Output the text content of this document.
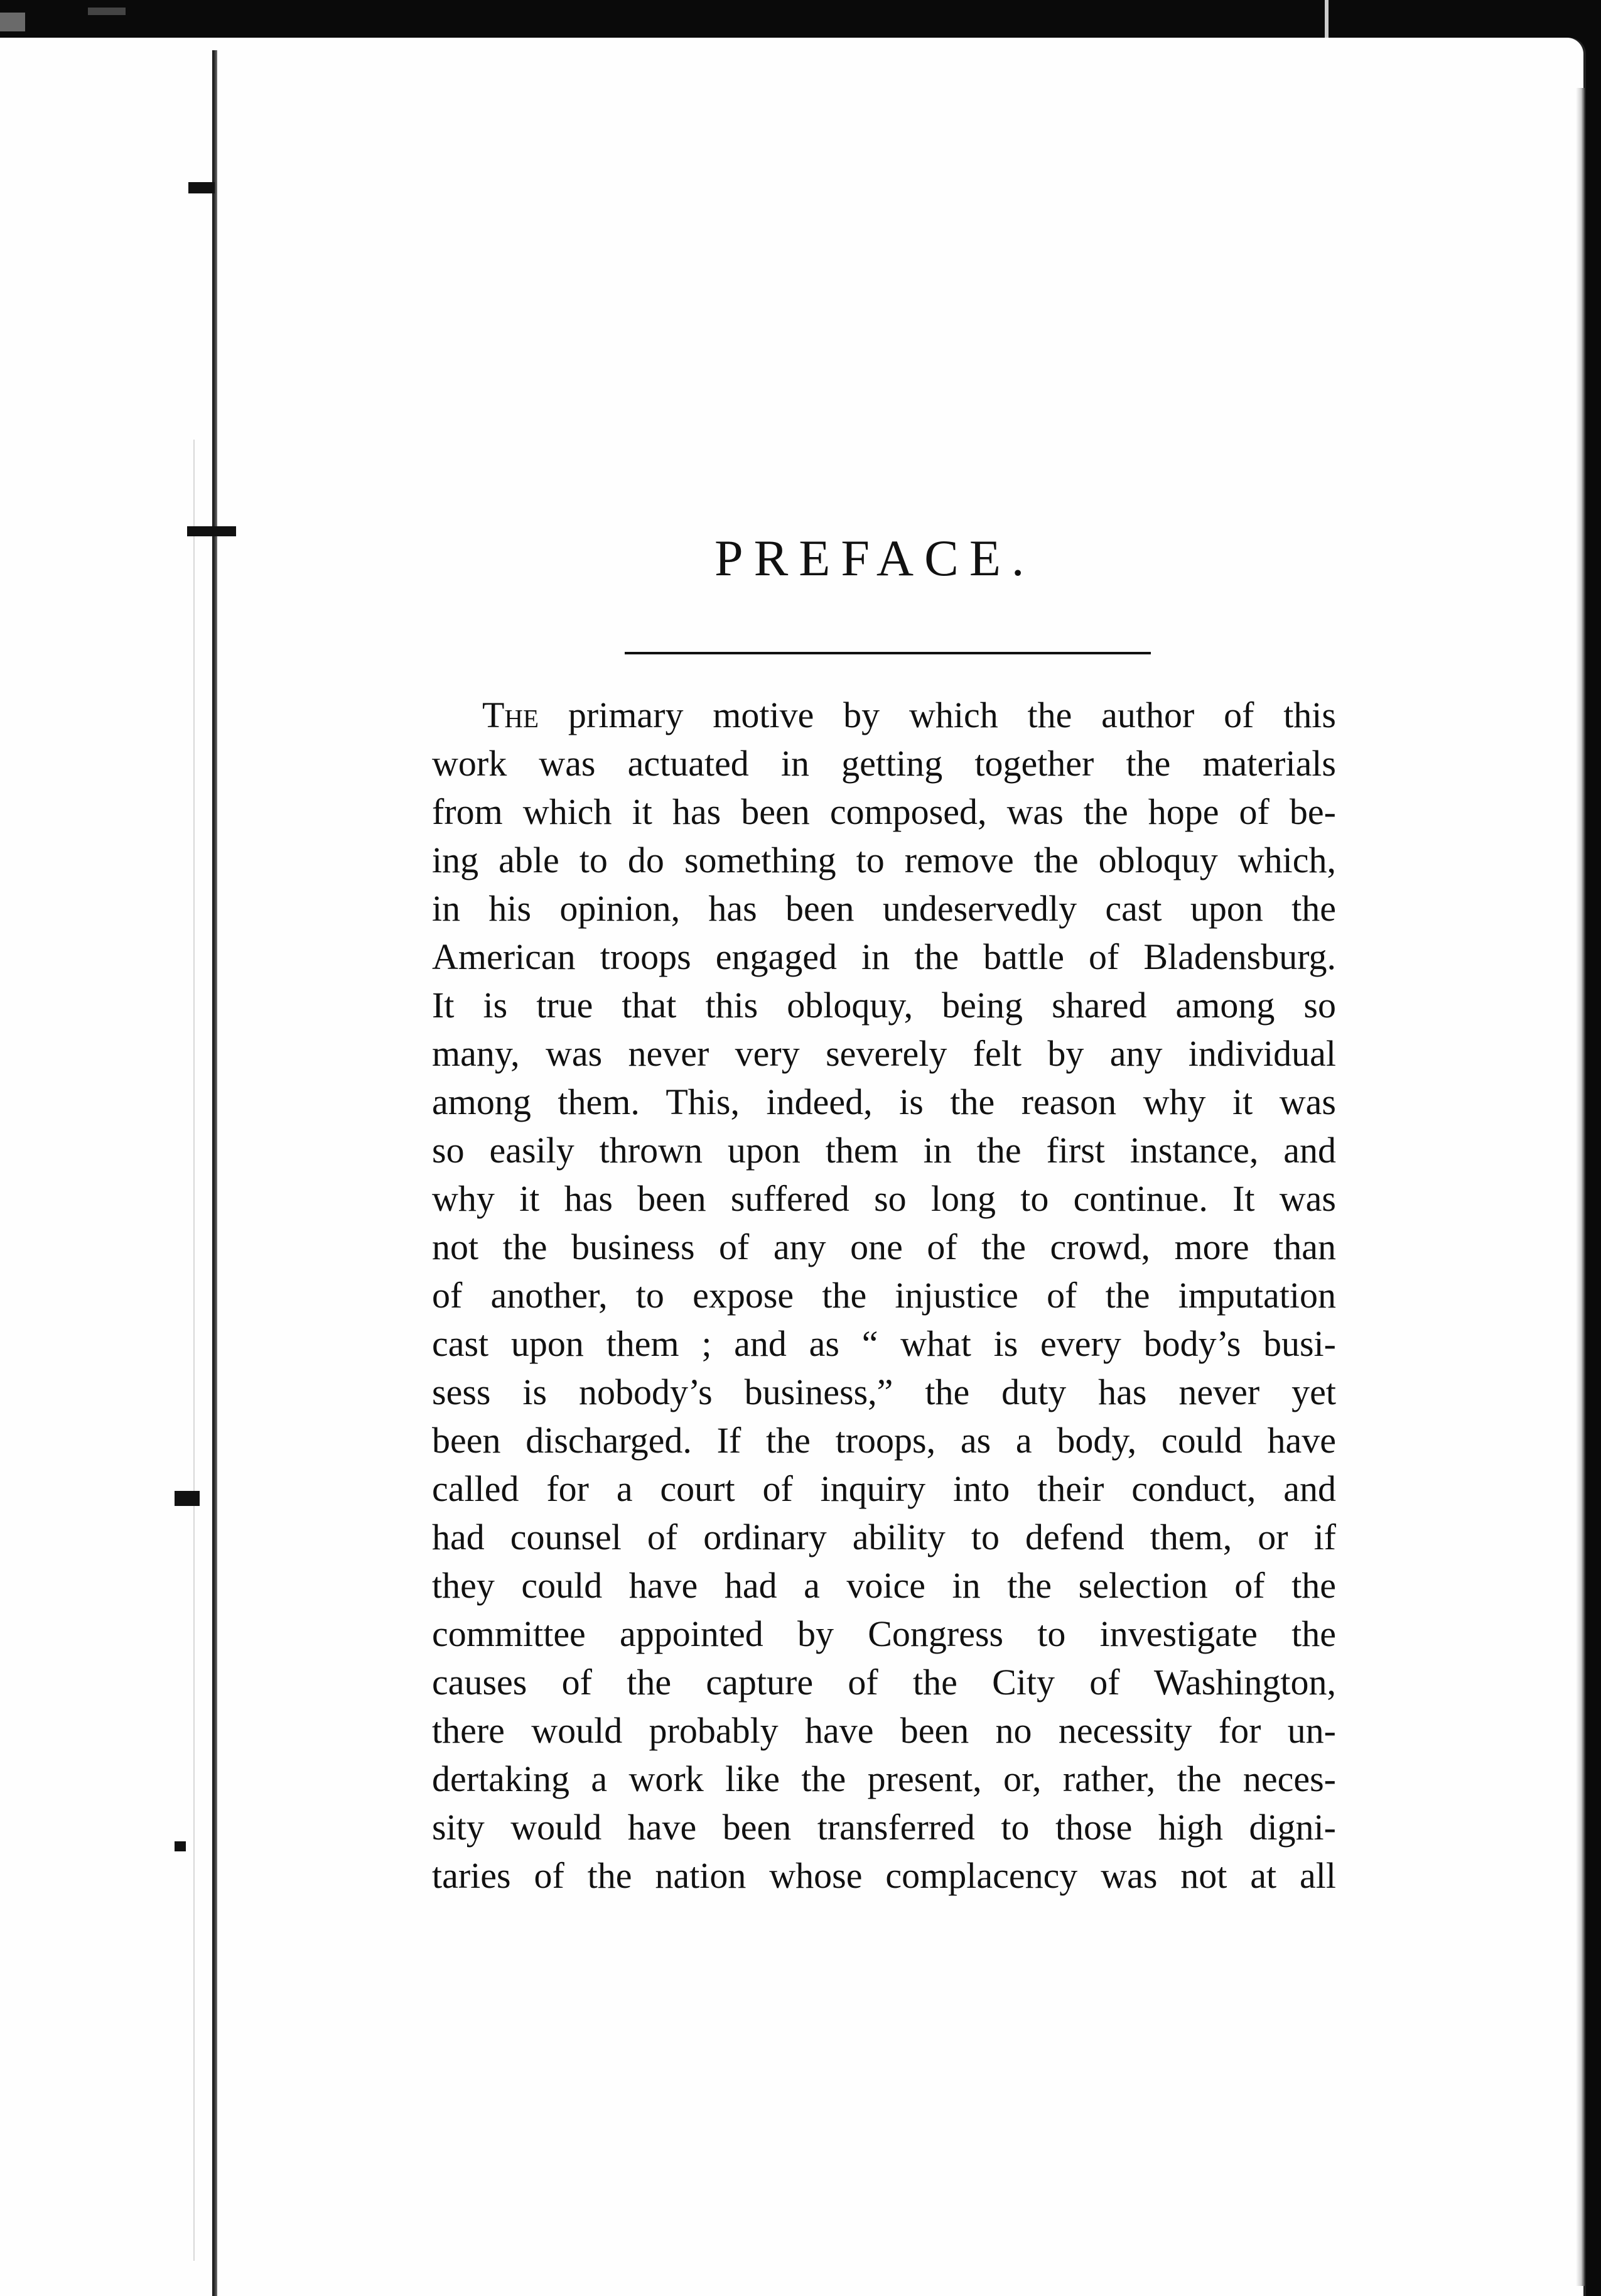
PREFACE.
The primary motive by which the author of this
work was actuated in getting together the materials
from which it has been composed, was the hope of be-
ing able to do something to remove the obloquy which,
in his opinion, has been undeservedly cast upon the
American troops engaged in the battle of Bladensburg.
It is true that this obloquy, being shared among so
many, was never very severely felt by any individual
among them. This, indeed, is the reason why it was
so easily thrown upon them in the first instance, and
why it has been suffered so long to continue. It was
not the business of any one of the crowd, more than
of another, to expose the injustice of the imputation
cast upon them ; and as “ what is every body’s busi-
sess is nobody’s business,” the duty has never yet
been discharged. If the troops, as a body, could have
called for a court of inquiry into their conduct, and
had counsel of ordinary ability to defend them, or if
they could have had a voice in the selection of the
committee appointed by Congress to investigate the
causes of the capture of the City of Washington,
there would probably have been no necessity for un-
dertaking a work like the present, or, rather, the neces-
sity would have been transferred to those high digni-
taries of the nation whose complacency was not at all
